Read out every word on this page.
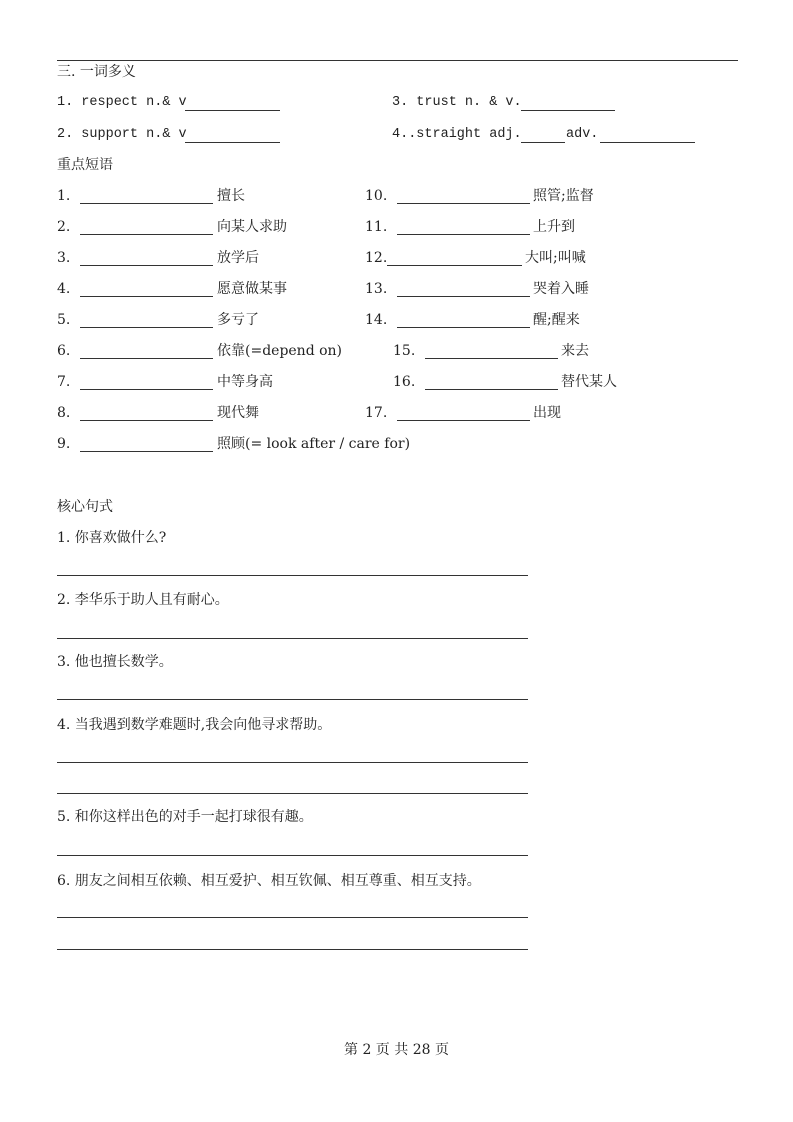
三. 一词多义
1. respect n.& v
2. support n.& v
3. trust n. & v.
4..straight adj.	adv.
重点短语
核心句式
第 2 页 共 28 页
1.	擅长
2.	向某人求助
3.	放学后
4.	愿意做某事
5.	多亏了
6.	依靠(=depend on)
7.	中等身高
8.	现代舞
9.	照顾(= look after / care for)
10.	照管;监督
11.	上升到
12.	大叫;叫喊
13.	哭着入睡
14.	醒;醒来
15.	来去
16.	替代某人
17.	出现
1. 你喜欢做什么?
2. 李华乐于助人且有耐心。
3. 他也擅长数学。
4. 当我遇到数学难题时,我会向他寻求帮助。
5. 和你这样出色的对手一起打球很有趣。
6. 朋友之间相互依赖、相互爱护、相互钦佩、相互尊重、相互支持。
